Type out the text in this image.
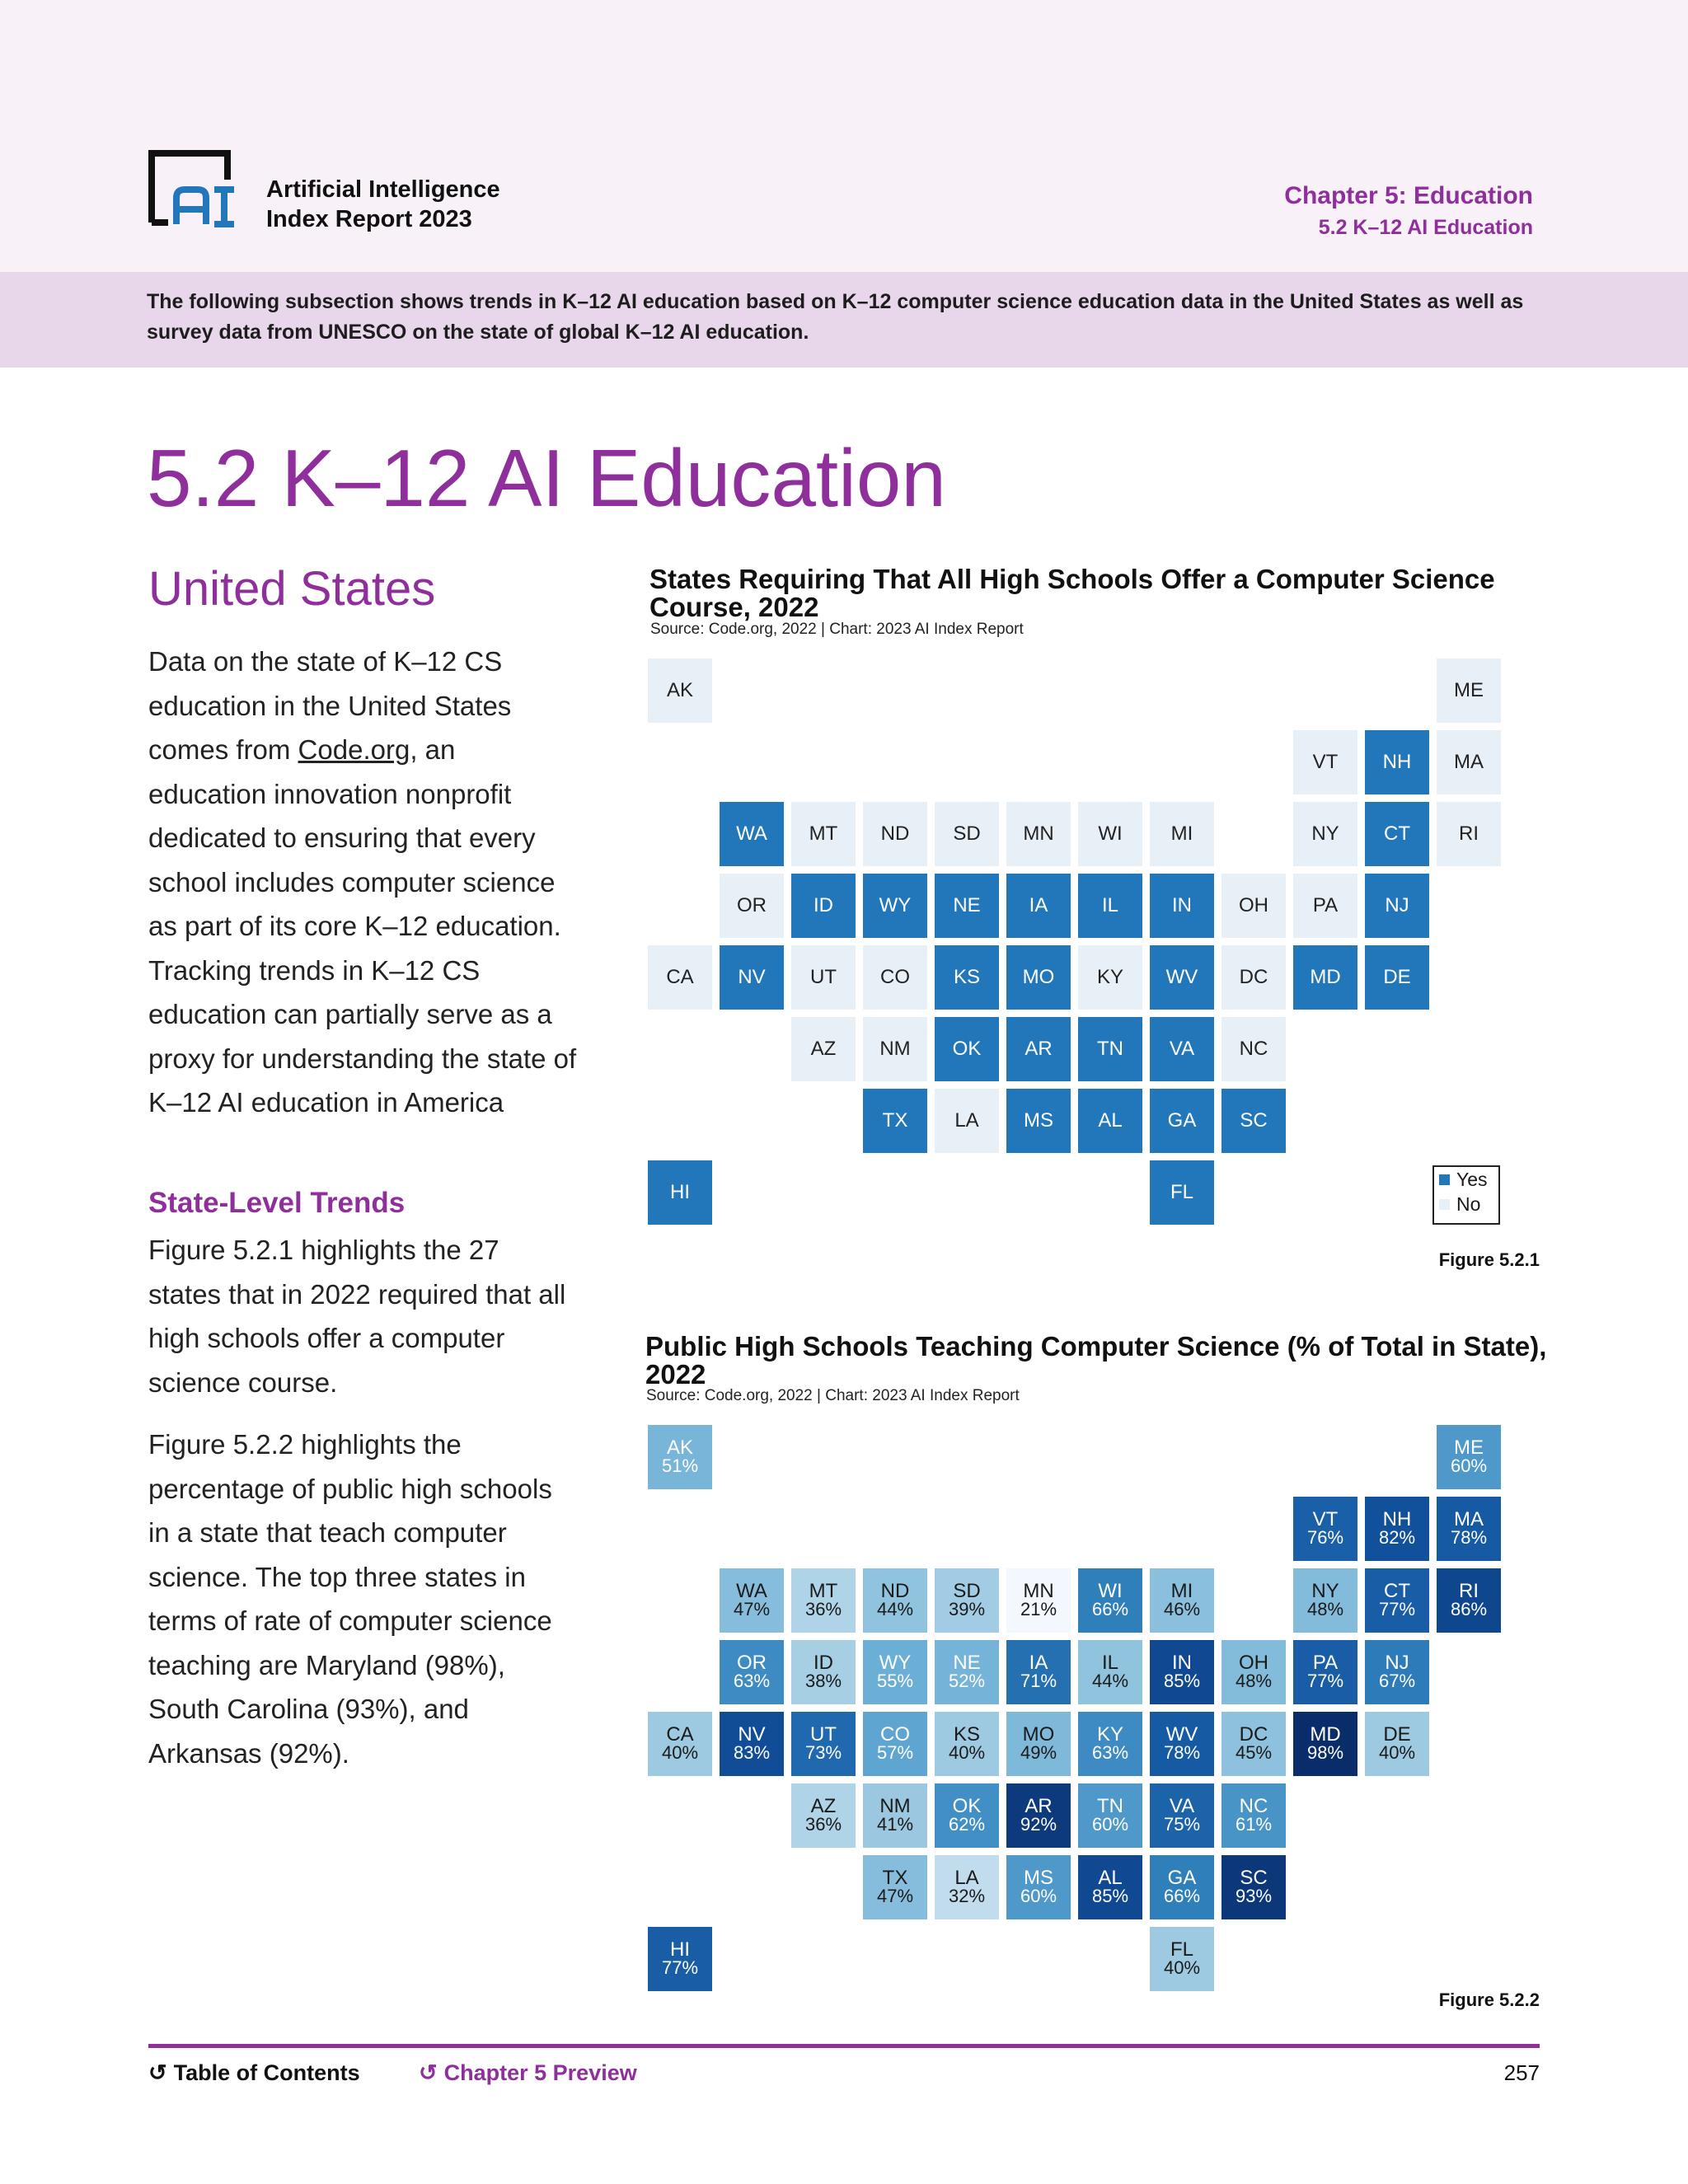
Artificial Intelligence
Index Report 2023
Chapter 5: Education
5.2 K–12 AI Education
The following subsection shows trends in K–12 AI education based on K–12 computer science education data in the United States as well as survey data from UNESCO on the state of global K–12 AI education.
5.2 K–12 AI Education
United States
Data on the state of K–12 CS education in the United States comes from Code.org, an education innovation nonprofit dedicated to ensuring that every school includes computer science as part of its core K–12 education. Tracking trends in K–12 CS education can partially serve as a proxy for understanding the state of K–12 AI education in America
State-Level Trends
Figure 5.2.1 highlights the 27 states that in 2022 required that all high schools offer a computer science course.
Figure 5.2.2 highlights the percentage of public high schools in a state that teach computer science. The top three states in terms of rate of computer science teaching are Maryland (98%), South Carolina (93%), and Arkansas (92%).
States Requiring That All High Schools Offer a Computer Science
Course, 2022
Source: Code.org, 2022 | Chart: 2023 AI Index Report
AK	ME
VT NH MA
WA MT ND SD MN WI MI	NY CT RI
OR ID WY NE IA	IL	IN OH PA NJ
CA NV UT CO KS MO KY WV DC MD DE
AZ NM OK AR TN VA NC
TX LA MS AL GA SC
HI	FL
Yes
No
Figure 5.2.1
Public High Schools Teaching Computer Science (% of Total in State),
2022
Source: Code.org, 2022 | Chart: 2023 AI Index Report
AK
51%
ME
60%
VT
76%
NH
82%
MA
78%
WA
47%
MT
36%
ND
44%
SD
39%
MN
21%
WI
66%
MI
46%
NY
48%
CT
77%
RI
86%
OR
63%
ID
38%
WY
55%
NE
52%
IA
71%
IL
44%
IN
85%
OH
48%
PA
77%
NJ
67%
CA
40%
NV
83%
UT
73%
CO
57%
KS
40%
MO
49%
KY
63%
WV
78%
DC
45%
MD
98%
DE
40%
AZ
36%
NM
41%
OK
62%
AR
92%
TN
60%
VA
75%
NC
61%
TX
47%
LA
32%
MS
60%
AL
85%
GA
66%
SC
93%
HI
77%
FL
40%
Figure 5.2.2
↺ Table of Contents	↺ Chapter 5 Preview	257
